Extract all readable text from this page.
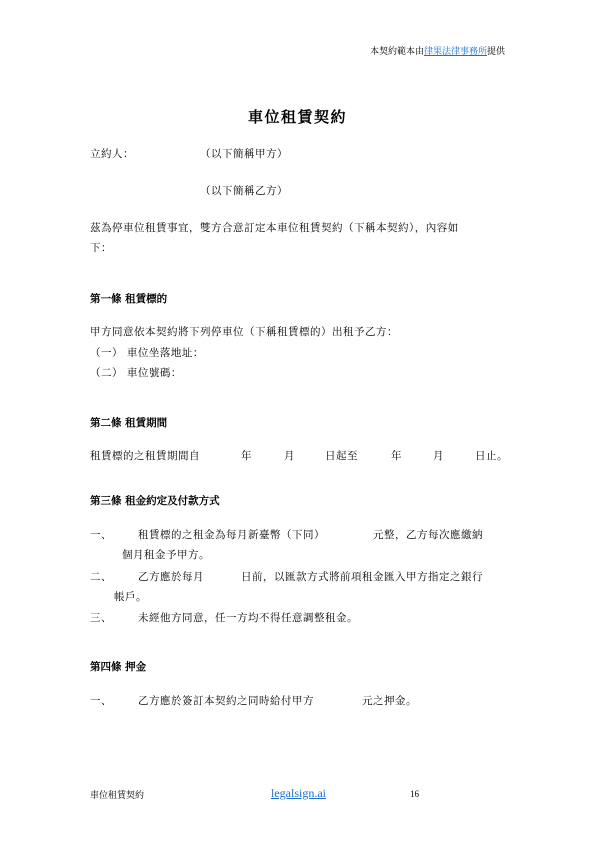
本契約範本由律果法律事務所提供
車位租賃契約
立約人：	（以下簡稱甲方）
（以下簡稱乙方）
茲為停車位租賃事宜，雙方合意訂定本車位租賃契約（下稱本契約），內容如
下：
第一條 租賃標的
甲方同意依本契約將下列停車位（下稱租賃標的）出租予乙方：
（一） 車位坐落地址：
（二） 車位號碼：
第二條 租賃期間
租賃標的之租賃期間自	年	月	日起至	年	月	日止。
第三條 租金約定及付款方式
一、 租賃標的之租金為每月新臺幣（下同）	元整，乙方每次應繳納
個月租金予甲方。
二、 乙方應於每月	日前，以匯款方式將前項租金匯入甲方指定之銀行
帳戶。
三、 未經他方同意，任一方均不得任意調整租金。
第四條 押金
一、 乙方應於簽訂本契約之同時給付甲方	元之押金。
車位租賃契約	legalsign.ai	16
